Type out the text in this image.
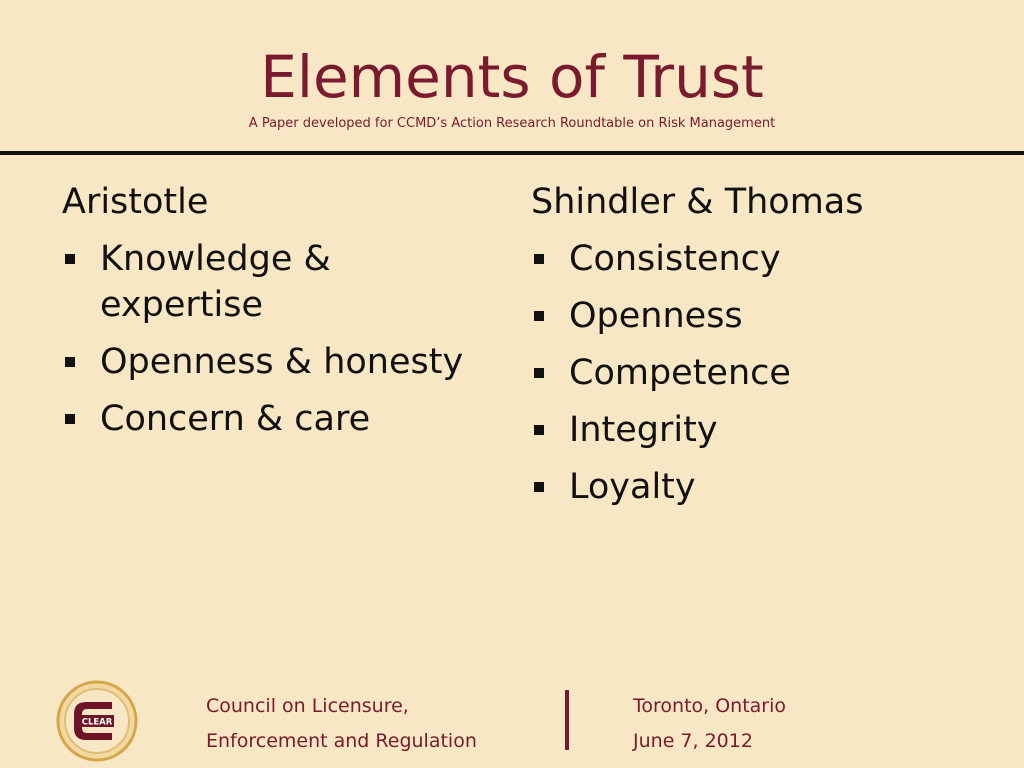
Elements of Trust
A Paper developed for CCMD’s Action Research Roundtable on Risk Management
Aristotle
Knowledge & expertise
Openness & honesty
Concern & care
Shindler & Thomas
Consistency
Openness
Competence
Integrity
Loyalty
CLEAR
Council on Licensure,
Enforcement and Regulation
Toronto, Ontario
June 7, 2012
